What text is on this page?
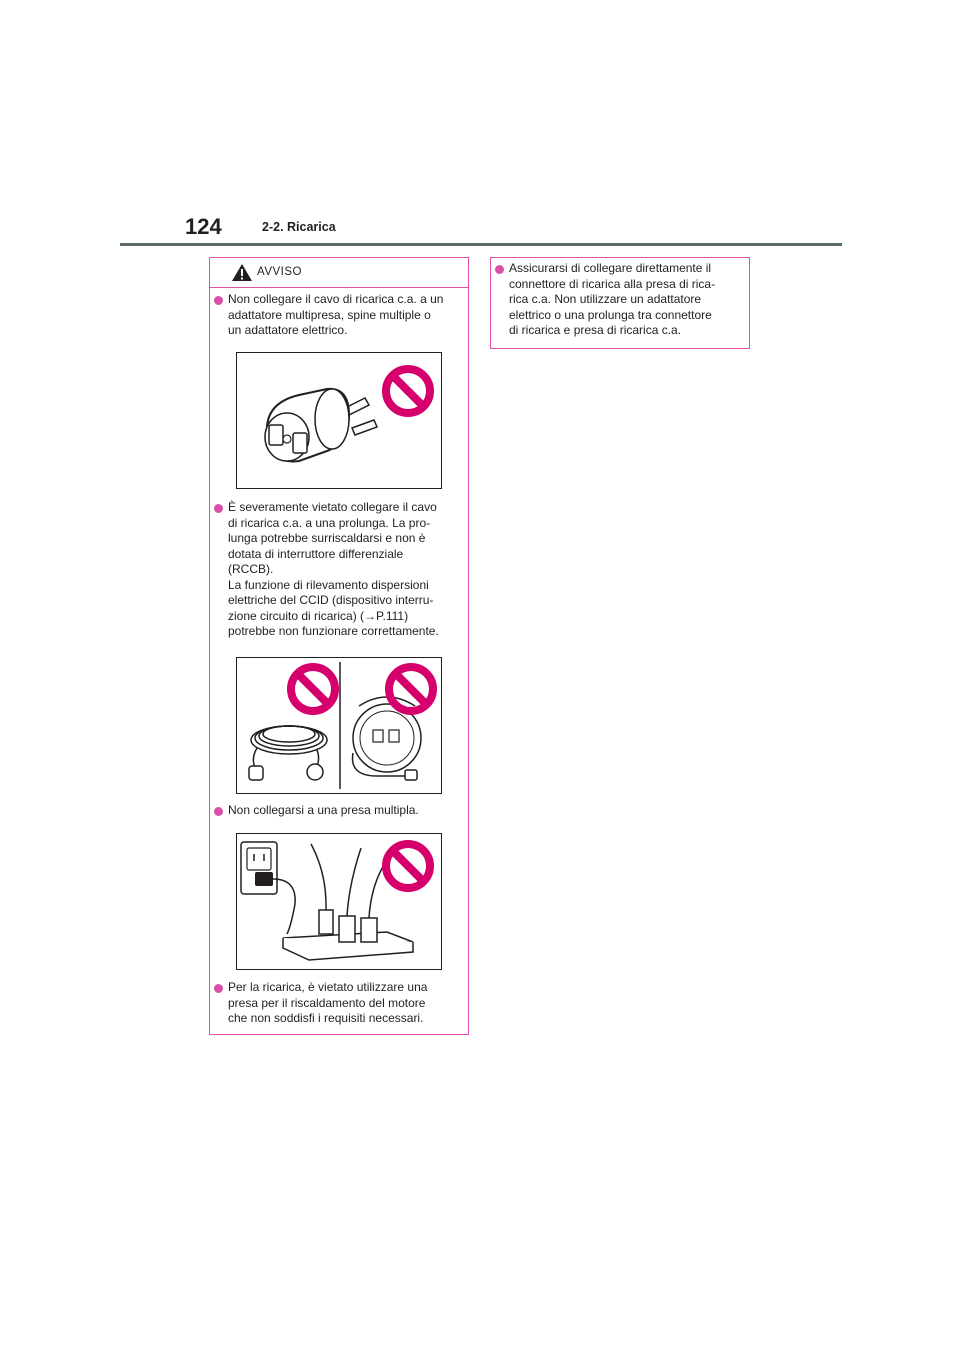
124	2-2. Ricarica
AVVISO
Non collegare il cavo di ricarica c.a. a un
adattatore multipresa, spine multiple o
un adattatore elettrico.
È severamente vietato collegare il cavo
di ricarica c.a. a una prolunga. La pro-
lunga potrebbe surriscaldarsi e non è
dotata di interruttore differenziale
(RCCB).
La funzione di rilevamento dispersioni
elettriche del CCID (dispositivo interru-
zione circuito di ricarica) (→P.111)
potrebbe non funzionare correttamente.
Non collegarsi a una presa multipla.
Per la ricarica, è vietato utilizzare una
presa per il riscaldamento del motore
che non soddisfi i requisiti necessari.
Assicurarsi di collegare direttamente il
connettore di ricarica alla presa di rica-
rica c.a. Non utilizzare un adattatore
elettrico o una prolunga tra connettore
di ricarica e presa di ricarica c.a.
